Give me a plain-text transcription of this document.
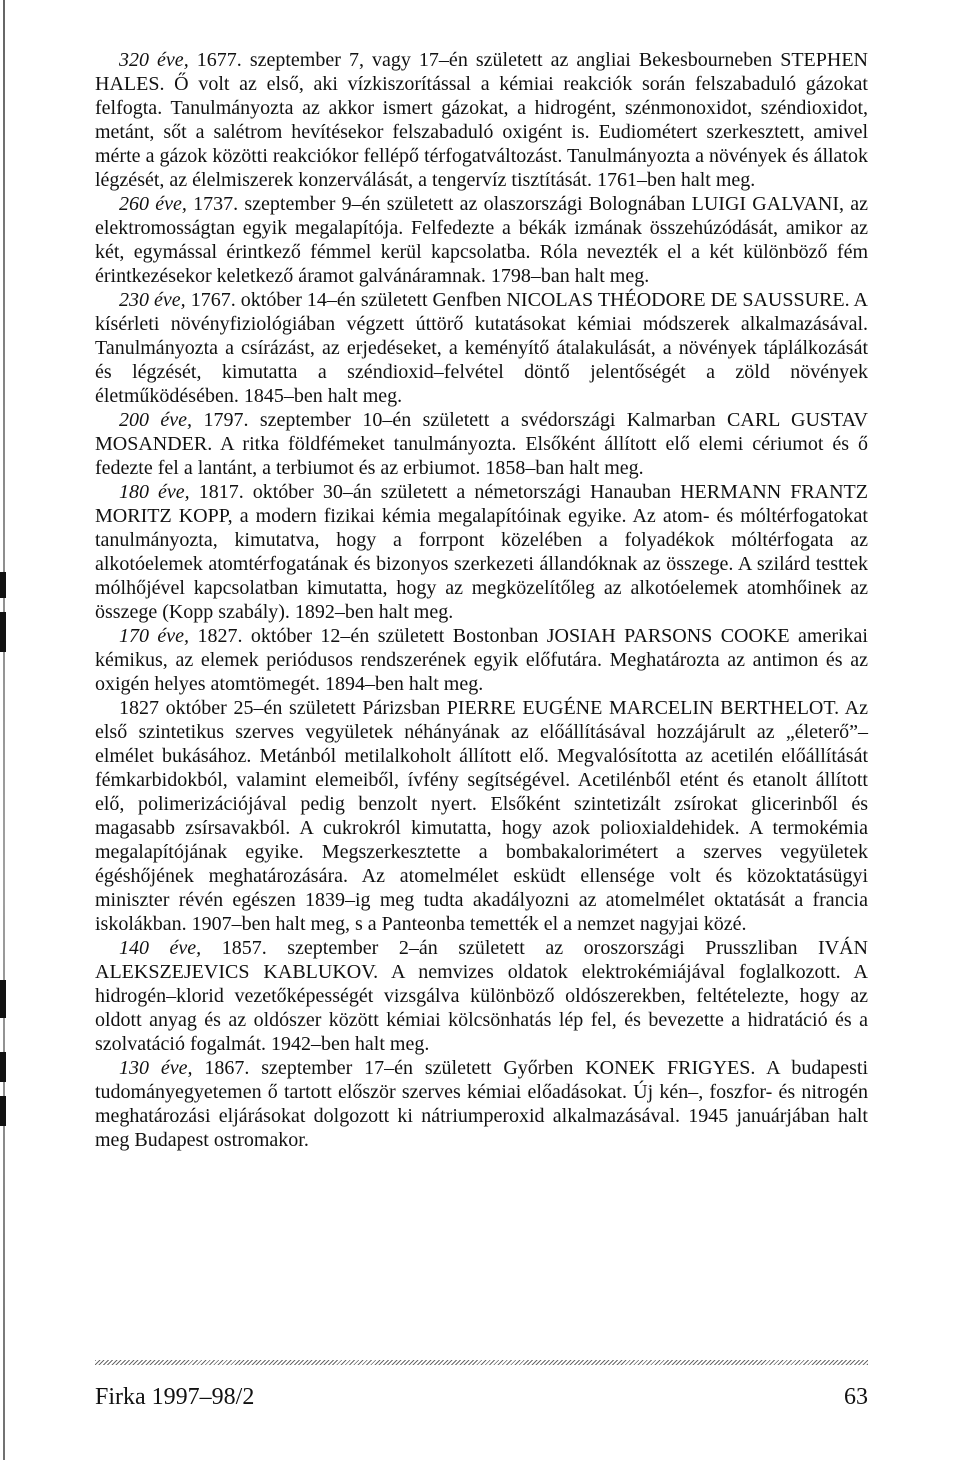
320 éve, 1677. szeptember 7, vagy 17–én született az angliai Bekesbourneben STEPHEN HALES. Ő volt az első, aki vízkiszorítással a kémiai reakciók során felszabaduló gázokat felfogta. Tanulmányozta az akkor ismert gázokat, a hidrogént, szénmonoxidot, széndioxidot, metánt, sőt a salétrom hevítésekor felszabaduló oxigént is. Eudiométert szerkesztett, amivel mérte a gázok közötti reakciókor fellépő térfogatváltozást. Tanulmányozta a növények és állatok légzését, az élelmiszerek konzerválását, a tengervíz tisztítását. 1761–ben halt meg.

260 éve, 1737. szeptember 9–én született az olaszországi Bolognában LUIGI GALVANI, az elektromosságtan egyik megalapítója. Felfedezte a békák izmának összehúzódását, amikor az két, egymással érintkező fémmel kerül kapcsolatba. Róla nevezték el a két különböző fém érintkezésekor keletkező áramot galvánáramnak. 1798–ban halt meg.

230 éve, 1767. október 14–én született Genfben NICOLAS THÉODORE DE SAUSSURE. A kísérleti növényfiziológiában végzett úttörő kutatásokat kémiai módszerek alkalmazásával. Tanulmányozta a csírázást, az erjedéseket, a keményítő átalakulását, a növények táplálkozását és légzését, kimutatta a széndioxid–felvétel döntő jelentőségét a zöld növények életműködésében. 1845–ben halt meg.

200 éve, 1797. szeptember 10–én született a svédországi Kalmarban CARL GUSTAV MOSANDER. A ritka földfémeket tanulmányozta. Elsőként állított elő elemi cériumot és ő fedezte fel a lantánt, a terbiumot és az erbiumot. 1858–ban halt meg.

180 éve, 1817. október 30–án született a németországi Hanauban HERMANN FRANTZ MORITZ KOPP, a modern fizikai kémia megalapítóinak egyike. Az atom- és móltérfogatokat tanulmányozta, kimutatva, hogy a forrpont közelében a folyadékok móltérfogata az alkotóelemek atomtérfogatának és bizonyos szerkezeti állandóknak az összege. A szilárd testtek mólhőjével kapcsolatban kimutatta, hogy az megközelítőleg az alkotóelemek atomhőinek az összege (Kopp szabály). 1892–ben halt meg.

170 éve, 1827. október 12–én született Bostonban JOSIAH PARSONS COOKE amerikai kémikus, az elemek periódusos rendszerének egyik előfutára. Meghatározta az antimon és az oxigén helyes atomtömegét. 1894–ben halt meg.

1827 október 25–én született Párizsban PIERRE EUGÉNE MARCELIN BERTHELOT. Az első szintetikus szerves vegyületek néhányának az előállításával hozzájárult az „életerő”–elmélet bukásához. Metánból metilalkoholt állított elő. Megvalósította az acetilén előállítását fémkarbidokból, valamint elemeiből, ívfény segítségével. Acetilénből etént és etanolt állított elő, polimerizációjával pedig benzolt nyert. Elsőként szintetizált zsírokat glicerinből és magasabb zsírsavakból. A cukrokról kimutatta, hogy azok polioxialdehidek. A termokémia megalapítójának egyike. Megszerkesztette a bombakalorimétert a szerves vegyületek égéshőjének meghatározására. Az atomelmélet esküdt ellensége volt és közoktatásügyi miniszter révén egészen 1839–ig meg tudta akadályozni az atomelmélet oktatását a francia iskolákban. 1907–ben halt meg, s a Panteonba temették el a nemzet nagyjai közé.

140 éve, 1857. szeptember 2–án született az oroszországi Prusszliban IVÁN ALEKSZEJEVICS KABLUKOV. A nemvizes oldatok elektrokémiájával foglalkozott. A hidrogén–klorid vezetőképességét vizsgálva különböző oldószerekben, feltételezte, hogy az oldott anyag és az oldószer között kémiai kölcsönhatás lép fel, és bevezette a hidratáció és a szolvatáció fogalmát. 1942–ben halt meg.

130 éve, 1867. szeptember 17–én született Győrben KONEK FRIGYES. A budapesti tudományegyetemen ő tartott először szerves kémiai előadásokat. Új kén–, foszfor- és nitrogén meghatározási eljárásokat dolgozott ki nátriumperoxid alkalmazásával. 1945 januárjában halt meg Budapest ostromakor.

Firka 1997–98/2	63
